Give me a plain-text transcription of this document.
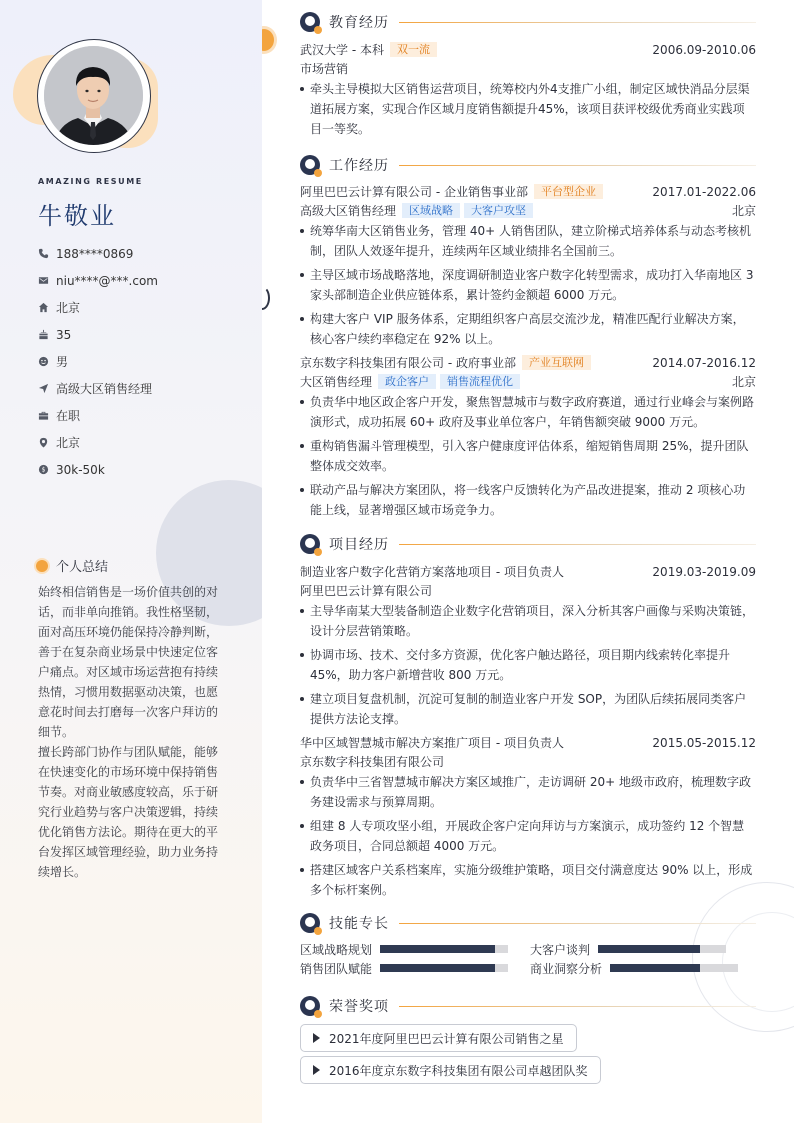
AMAZING RESUME
牛敬业
188****0869
niu****@***.com
北京
35
男
高级大区销售经理
在职
北京
$ 30k-50k
个人总结

始终相信销售是一场价值共创的对话，而非单向推销。我性格坚韧，面对高压环境仍能保持冷静判断，善于在复杂商业场景中快速定位客户痛点。对区域市场运营抱有持续热情，习惯用数据驱动决策，也愿意花时间去打磨每一次客户拜访的细节。

擅长跨部门协作与团队赋能，能够在快速变化的市场环境中保持销售节奏。对商业敏感度较高，乐于研究行业趋势与客户决策逻辑，持续优化销售方法论。期待在更大的平台发挥区域管理经验，助力业务持续增长。

教育经历
武汉大学 - 本科	双一流	2006.09-2010.06
市场营销
牵头主导模拟大区销售运营项目，统筹校内外4支推广小组，制定区域快消品分层渠道拓展方案，实现合作区域月度销售额提升45%，该项目获评校级优秀商业实践项目一等奖。
工作经历
阿里巴巴云计算有限公司 - 企业销售事业部	平台型企业	2017.01-2022.06
高级大区销售经理	区域战略	大客户攻坚	北京
统筹华南大区销售业务，管理 40+ 人销售团队，建立阶梯式培养体系与动态考核机制，团队人效逐年提升，连续两年区域业绩排名全国前三。
主导区域市场战略落地，深度调研制造业客户数字化转型需求，成功打入华南地区 3 家头部制造企业供应链体系，累计签约金额超 6000 万元。
构建大客户 VIP 服务体系，定期组织客户高层交流沙龙，精准匹配行业解决方案，核心客户续约率稳定在 92% 以上。
京东数字科技集团有限公司 - 政府事业部	产业互联网	2014.07-2016.12
大区销售经理	政企客户	销售流程优化	北京
负责华中地区政企客户开发，聚焦智慧城市与数字政府赛道，通过行业峰会与案例路演形式，成功拓展 60+ 政府及事业单位客户，年销售额突破 9000 万元。
重构销售漏斗管理模型，引入客户健康度评估体系，缩短销售周期 25%，提升团队整体成交效率。
联动产品与解决方案团队，将一线客户反馈转化为产品改进提案，推动 2 项核心功能上线，显著增强区域市场竞争力。
项目经历
制造业客户数字化营销方案落地项目 - 项目负责人	2019.03-2019.09
阿里巴巴云计算有限公司
主导华南某大型装备制造企业数字化营销项目，深入分析其客户画像与采购决策链，设计分层营销策略。
协调市场、技术、交付多方资源，优化客户触达路径，项目期内线索转化率提升 45%，助力客户新增营收 800 万元。
建立项目复盘机制，沉淀可复制的制造业客户开发 SOP，为团队后续拓展同类客户提供方法论支撑。
华中区域智慧城市解决方案推广项目 - 项目负责人	2015.05-2015.12
京东数字科技集团有限公司
负责华中三省智慧城市解决方案区域推广，走访调研 20+ 地级市政府，梳理数字政务建设需求与预算周期。
组建 8 人专项攻坚小组，开展政企客户定向拜访与方案演示，成功签约 12 个智慧政务项目，合同总额超 4000 万元。
搭建区域客户关系档案库，实施分级维护策略，项目交付满意度达 90% 以上，形成多个标杆案例。
技能专长
区域战略规划	大客户谈判
销售团队赋能	商业洞察分析
荣誉奖项
2021年度阿里巴巴云计算有限公司销售之星
2016年度京东数字科技集团有限公司卓越团队奖
